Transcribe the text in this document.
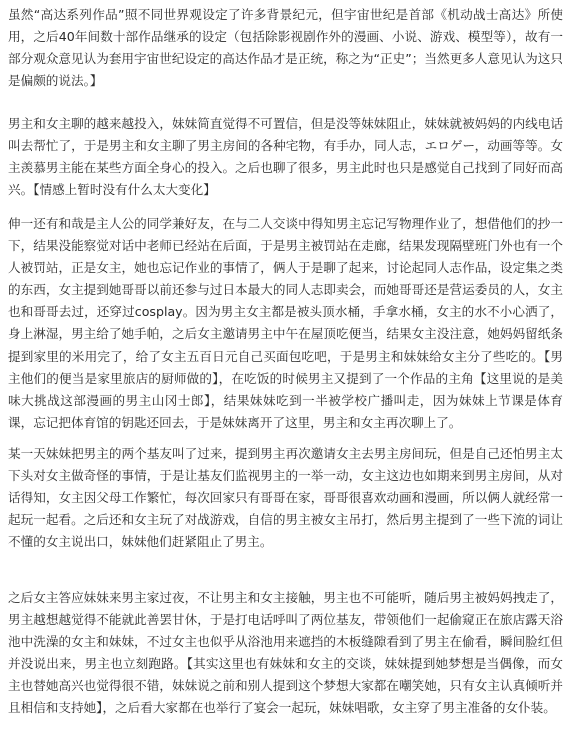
虽然“高达系列作品”照不同世界观设定了许多背景纪元，但宇宙世纪是首部《机动战士高达》所使用，之后40年间数十部作品继承的设定（包括除影视剧作外的漫画、小说、游戏、模型等），故有一部分观众意见认为套用宇宙世纪设定的高达作品才是正统，称之为“正史”；当然更多人意见认为这只是偏颇的说法。】

男主和女主聊的越来越投入，妹妹简直觉得不可置信，但是没等妹妹阻止，妹妹就被妈妈的内线电话叫去帮忙了，于是男主和女主聊了男主房间的各种宅物，有手办，同人志，エロゲー，动画等等。女主羡慕男主能在某些方面全身心的投入。之后也聊了很多，男主此时也只是感觉自己找到了同好而高兴。【情感上暂时没有什么太大变化】

伸一还有和哉是主人公的同学兼好友，在与二人交谈中得知男主忘记写物理作业了，想借他们的抄一下，结果没能察觉对话中老师已经站在后面，于是男主被罚站在走廊，结果发现隔壁班门外也有一个人被罚站，正是女主，她也忘记作业的事情了，俩人于是聊了起来，讨论起同人志作品，设定集之类的东西，女主提到她哥哥以前还参与过日本最大的同人志即卖会，而她哥哥还是营运委员的人，女主也和哥哥去过，还穿过cosplay。因为男主女主都是被头顶水桶，手拿水桶，女主的水不小心洒了，身上淋湿，男主给了她手帕，之后女主邀请男主中午在屋顶吃便当，结果女主没注意，她妈妈留纸条提到家里的米用完了，给了女主五百日元自己买面包吃吧，于是男主和妹妹给女主分了些吃的。【男主他们的便当是家里旅店的厨师做的】，在吃饭的时候男主又提到了一个作品的主角【这里说的是美味大挑战这部漫画的男主山冈士郎】，结果妹妹吃到一半被学校广播叫走，因为妹妹上节课是体育课，忘记把体育馆的钥匙还回去，于是妹妹离开了这里，男主和女主再次聊上了。

某一天妹妹把男主的两个基友叫了过来，提到男主再次邀请女主去男主房间玩，但是自己还怕男主太下头对女主做奇怪的事情，于是让基友们监视男主的一举一动，女主这边也如期来到男主房间，从对话得知，女主因父母工作繁忙，每次回家只有哥哥在家，哥哥很喜欢动画和漫画，所以俩人就经常一起玩一起看。之后还和女主玩了对战游戏，自信的男主被女主吊打，然后男主提到了一些下流的词让不懂的女主说出口，妹妹他们赶紧阻止了男主。

之后女主答应妹妹来男主家过夜，不让男主和女主接触，男主也不可能听，随后男主被妈妈拽走了，男主越想越觉得不能就此善罢甘休，于是打电话呼叫了两位基友，带领他们一起偷窥正在旅店露天浴池中洗澡的女主和妹妹，不过女主也似乎从浴池用来遮挡的木板缝隙看到了男主在偷看，瞬间脸红但并没说出来，男主也立刻跑路。【其实这里也有妹妹和女主的交谈，妹妹提到她梦想是当偶像，而女主也替她高兴也觉得很不错，妹妹说之前和别人提到这个梦想大家都在嘲笑她，只有女主认真倾听并且相信和支持她】，之后看大家都在也举行了宴会一起玩，妹妹唱歌，女主穿了男主准备的女仆装。
